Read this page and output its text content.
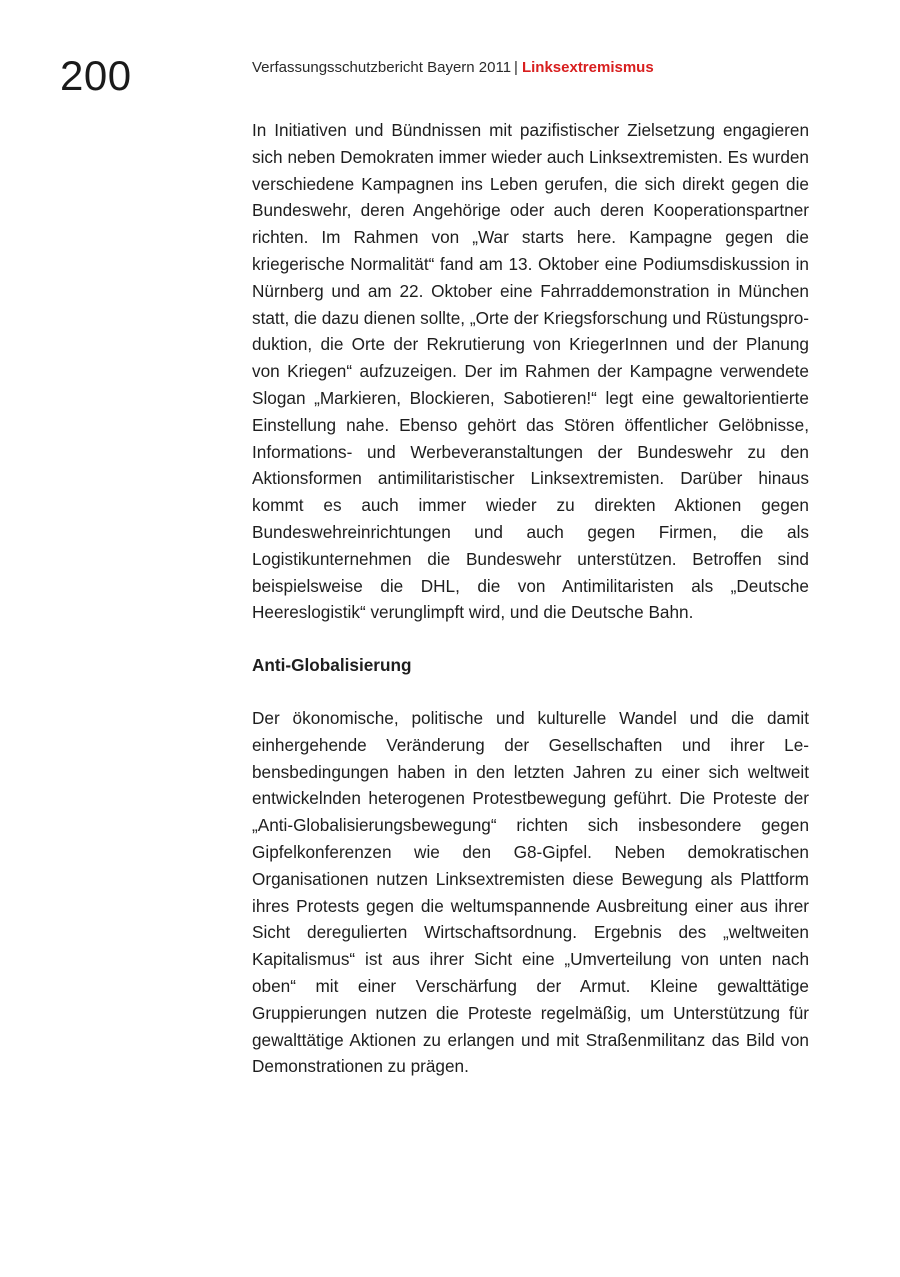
200	Verfassungsschutzbericht Bayern 2011 | Linksextremismus

In Initiativen und Bündnissen mit pazifistischer Zielsetzung engagieren sich neben Demokraten immer wieder auch Linksextremisten. Es wurden verschiedene Kampagnen ins Leben gerufen, die sich direkt gegen die Bundeswehr, deren Angehörige oder auch deren Kooperationspartner richten. Im Rahmen von „War starts here. Kampagne gegen die kriegerische Normalität“ fand am 13. Oktober eine Podiumsdiskussion in Nürnberg und am 22. Oktober eine Fahrraddemonstration in München statt, die dazu dienen sollte, „Orte der Kriegsforschung und Rüstungsproduktion, die Orte der Rekrutierung von KriegerInnen und der Planung von Kriegen“ aufzuzeigen. Der im Rahmen der Kampagne verwendete Slogan „Markieren, Blockieren, Sabotieren!“ legt eine gewaltorientierte Einstellung nahe. Ebenso gehört das Stören öffentlicher Gelöbnisse, Informations- und Werbeveranstaltungen der Bundeswehr zu den Aktionsformen antimilitaristischer Linksextremisten. Darüber hinaus kommt es auch immer wieder zu direkten Aktionen gegen Bundeswehreinrichtungen und auch gegen Firmen, die als Logistikunternehmen die Bundeswehr unterstützen. Betroffen sind beispielsweise die DHL, die von Antimilitaristen als „Deutsche Heereslogistik“ verunglimpft wird, und die Deutsche Bahn.

Anti-Globalisierung

Der ökonomische, politische und kulturelle Wandel und die damit einhergehende Veränderung der Gesellschaften und ihrer Lebensbedingungen haben in den letzten Jahren zu einer sich weltweit entwickelnden heterogenen Protestbewegung geführt. Die Proteste der „Anti-Globalisierungsbewegung“ richten sich insbesondere gegen Gipfelkonferenzen wie den G8-Gipfel. Neben demokratischen Organisationen nutzen Linksextremisten diese Bewegung als Plattform ihres Protests gegen die weltumspannende Ausbreitung einer aus ihrer Sicht deregulierten Wirtschaftsordnung. Ergebnis des „weltweiten Kapitalismus“ ist aus ihrer Sicht eine „Umverteilung von unten nach oben“ mit einer Verschärfung der Armut. Kleine gewalttätige Gruppierungen nutzen die Proteste regelmäßig, um Unterstützung für gewalttätige Aktionen zu erlangen und mit Straßenmilitanz das Bild von Demonstrationen zu prägen.
